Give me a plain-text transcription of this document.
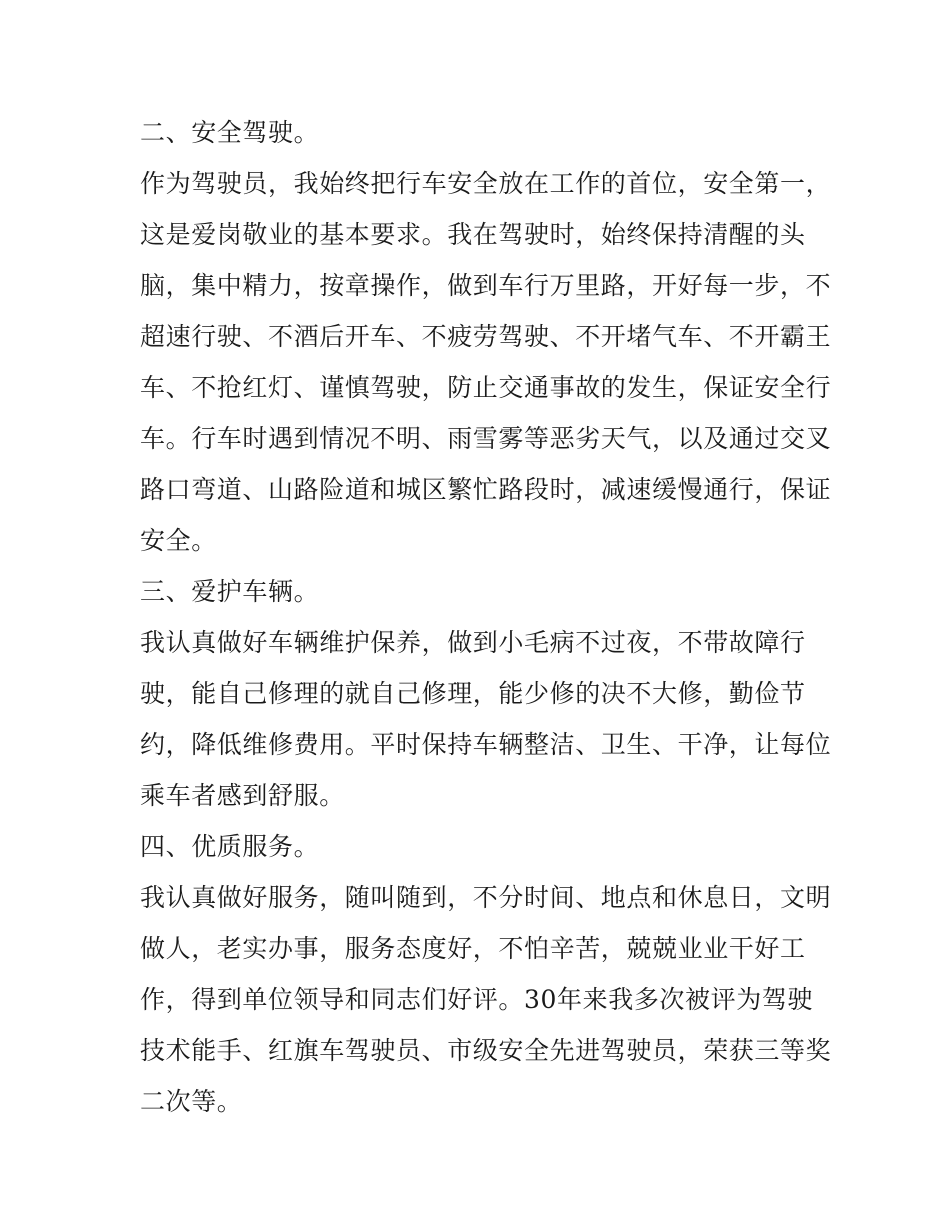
二、安全驾驶。
作为驾驶员，我始终把行车安全放在工作的首位，安全第一，
这是爱岗敬业的基本要求。我在驾驶时，始终保持清醒的头
脑，集中精力，按章操作，做到车行万里路，开好每一步，不
超速行驶、不酒后开车、不疲劳驾驶、不开堵气车、不开霸王
车、不抢红灯、谨慎驾驶，防止交通事故的发生，保证安全行
车。行车时遇到情况不明、雨雪雾等恶劣天气，以及通过交叉
路口弯道、山路险道和城区繁忙路段时，减速缓慢通行，保证
安全。
三、爱护车辆。
我认真做好车辆维护保养，做到小毛病不过夜，不带故障行
驶，能自己修理的就自己修理，能少修的决不大修，勤俭节
约，降低维修费用。平时保持车辆整洁、卫生、干净，让每位
乘车者感到舒服。
四、优质服务。
我认真做好服务，随叫随到，不分时间、地点和休息日，文明
做人，老实办事，服务态度好，不怕辛苦，兢兢业业干好工
作，得到单位领导和同志们好评。30年来我多次被评为驾驶
技术能手、红旗车驾驶员、市级安全先进驾驶员，荣获三等奖
二次等。
